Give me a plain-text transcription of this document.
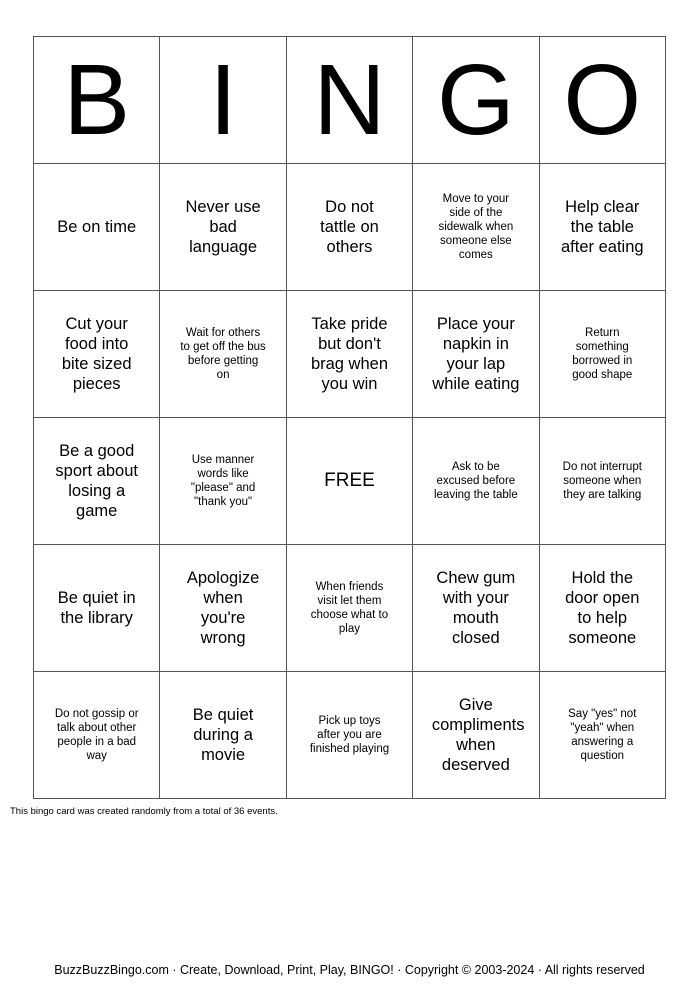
B	I	N	G	O

Be on time	Never use bad language	Do not tattle on others	Move to your side of the sidewalk when someone else comes	Help clear the table after eating

Cut your food into bite sized pieces	Wait for others to get off the bus before getting on	Take pride but don't brag when you win	Place your napkin in your lap while eating	Return something borrowed in good shape

Be a good sport about losing a game	Use manner words like "please" and "thank you"	FREE	Ask to be excused before leaving the table	Do not interrupt someone when they are talking

Be quiet in the library	Apologize when you're wrong	When friends visit let them choose what to play	Chew gum with your mouth closed	Hold the door open to help someone

Do not gossip or talk about other people in a bad way	Be quiet during a movie	Pick up toys after you are finished playing	Give compliments when deserved	Say "yes" not "yeah" when answering a question
This bingo card was created randomly from a total of 36 events.
BuzzBuzzBingo.com · Create, Download, Print, Play, BINGO! · Copyright © 2003-2024 · All rights reserved
